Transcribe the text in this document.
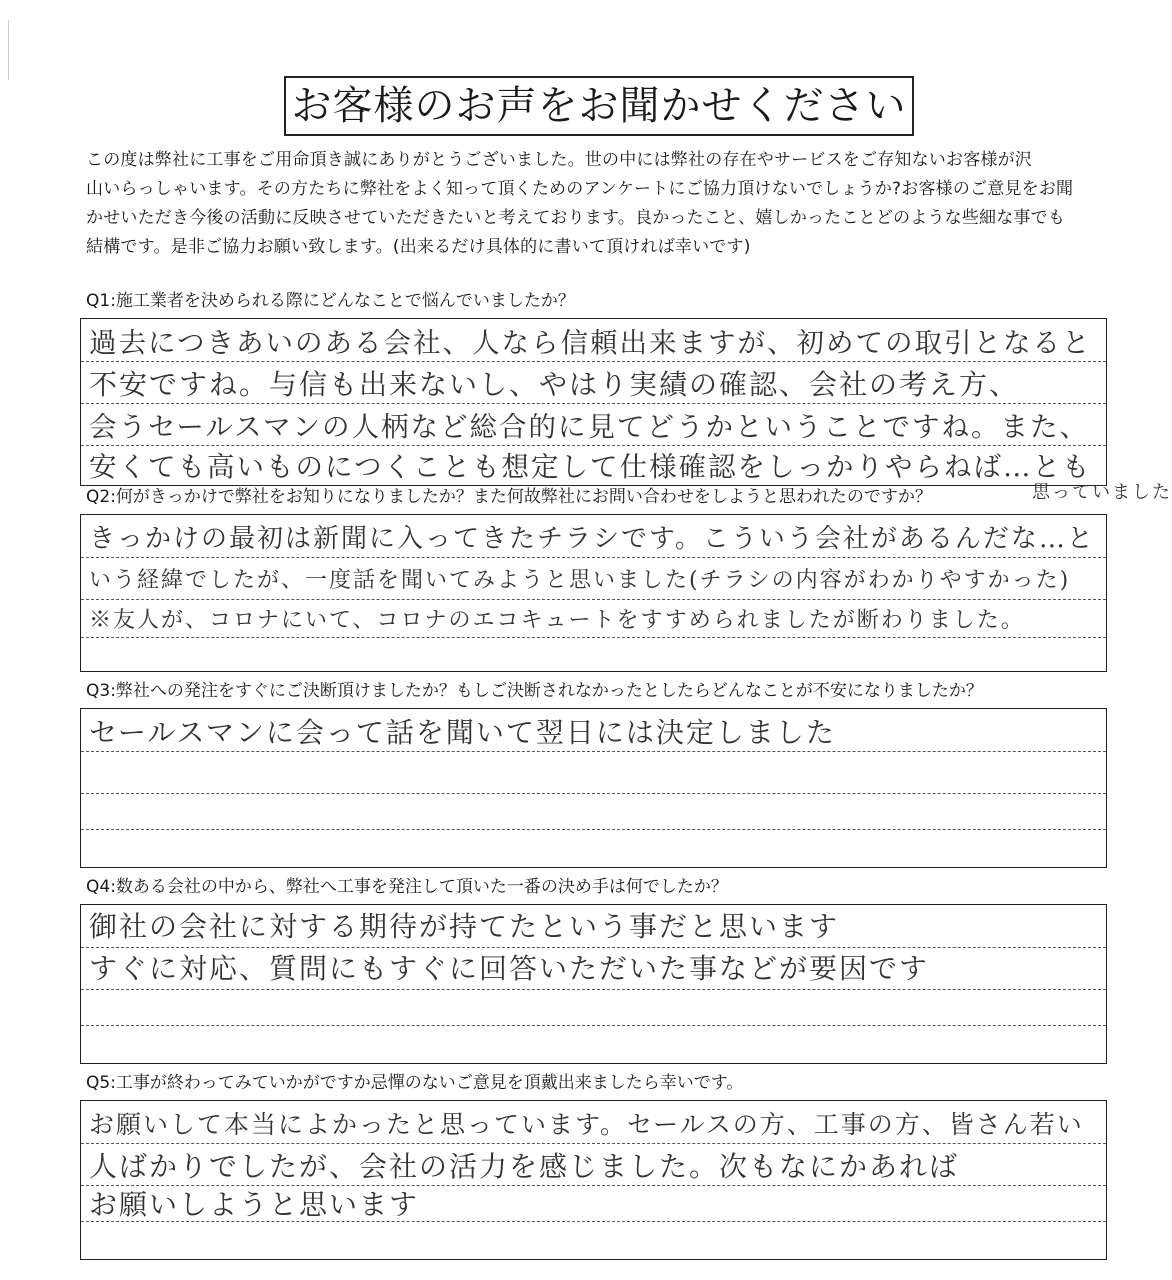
お客様のお声をお聞かせください
この度は弊社に工事をご用命頂き誠にありがとうございました。世の中には弊社の存在やサービスをご存知ないお客様が沢
山いらっしゃいます。その方たちに弊社をよく知って頂くためのアンケートにご協力頂けないでしょうか?お客様のご意見をお聞
かせいただき今後の活動に反映させていただきたいと考えております。良かったこと、嬉しかったことどのような些細な事でも
結構です。是非ご協力お願い致します。(出来るだけ具体的に書いて頂ければ幸いです)
Q1:施工業者を決められる際にどんなことで悩んでいましたか？
過去につきあいのある会社、人なら信頼出来ますが、初めての取引となると
不安ですね。与信も出来ないし、やはり実績の確認、会社の考え方、
会うセールスマンの人柄など総合的に見てどうかということですね。また、
安くても高いものにつくことも想定して仕様確認をしっかりやらねば…とも
思っていました
Q2:何がきっかけで弊社をお知りになりましたか？また何故弊社にお問い合わせをしようと思われたのですか？
きっかけの最初は新聞に入ってきたチラシです。こういう会社があるんだな…と
いう経緯でしたが、一度話を聞いてみようと思いました(チラシの内容がわかりやすかった)
※友人が、コロナにいて、コロナのエコキュートをすすめられましたが断わりました。
Q3:弊社への発注をすぐにご決断頂けましたか？もしご決断されなかったとしたらどんなことが不安になりましたか？
セールスマンに会って話を聞いて翌日には決定しました
Q4:数ある会社の中から、弊社へ工事を発注して頂いた一番の決め手は何でしたか？
御社の会社に対する期待が持てたという事だと思います
すぐに対応、質問にもすぐに回答いただいた事などが要因です
Q5:工事が終わってみていかがですか忌憚のないご意見を頂戴出来ましたら幸いです。
お願いして本当によかったと思っています。セールスの方、工事の方、皆さん若い
人ばかりでしたが、会社の活力を感じました。次もなにかあれば
お願いしようと思います
